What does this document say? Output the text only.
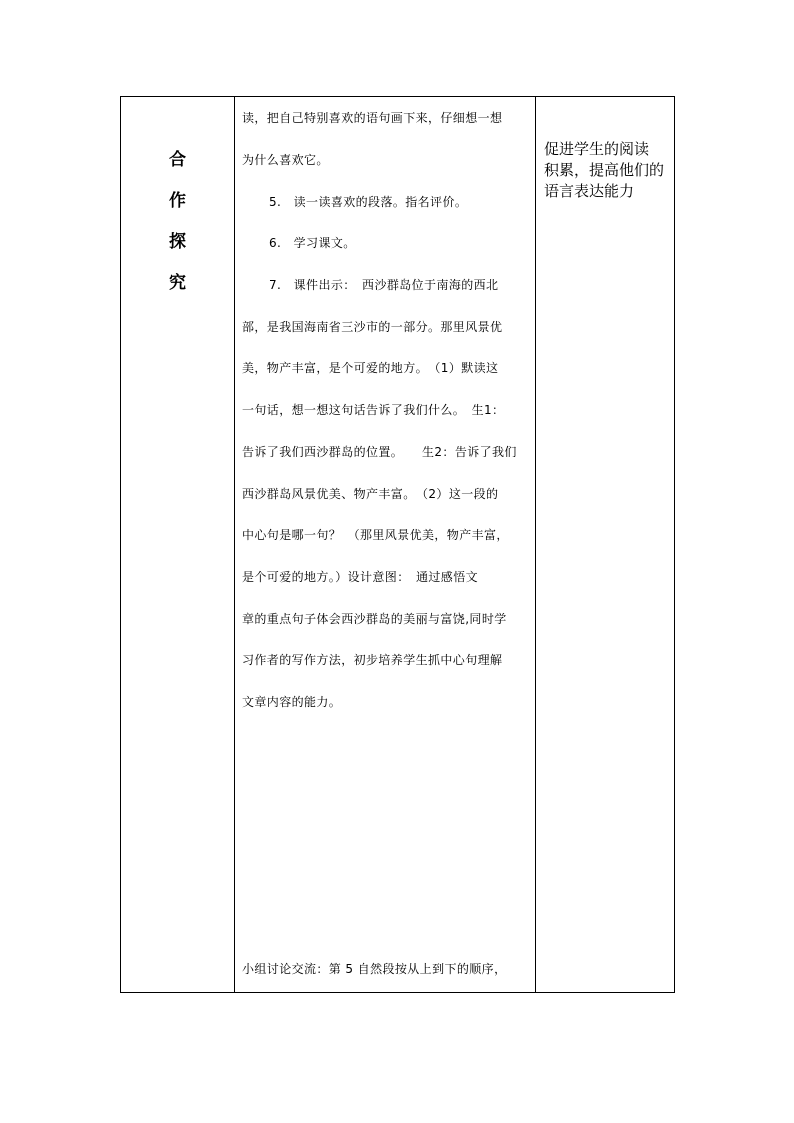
合
作
探
究

读，把自己特别喜欢的语句画下来，仔细想一想
为什么喜欢它。
5.　读一读喜欢的段落。指名评价。
6.　学习课文。
7.　课件出示：　西沙群岛位于南海的西北
部，是我国海南省三沙市的一部分。那里风景优
美，物产丰富，是个可爱的地方。　（1）默读这
一句话，想一想这句话告诉了我们什么。　生1：
告诉了我们西沙群岛的位置。　　生2：告诉了我们
西沙群岛风景优美、物产丰富。　（2）这一段的
中心句是哪一句？　（那里风景优美，物产丰富，
是个可爱的地方。）设计意图：　通过感悟文
章的重点句子体会西沙群岛的美丽与富饶,同时学
习作者的写作方法，初步培养学生抓中心句理解
文章内容的能力。
小组讨论交流：第 5 自然段按从上到下的顺序，

促进学生的阅读
积累，提高他们的
语言表达能力
